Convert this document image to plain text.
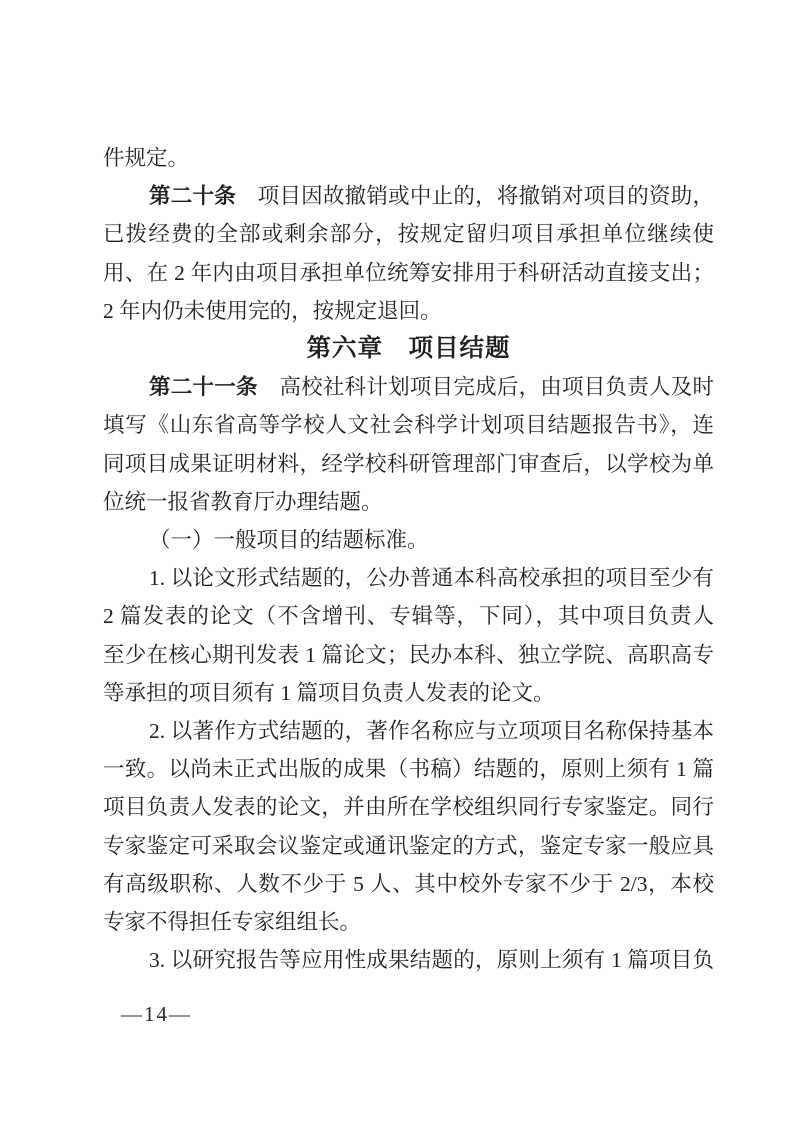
件规定。

第二十条　项目因故撤销或中止的，将撤销对项目的资助，

已拨经费的全部或剩余部分，按规定留归项目承担单位继续使

用、在 2 年内由项目承担单位统筹安排用于科研活动直接支出；

2 年内仍未使用完的，按规定退回。

第六章　项目结题

第二十一条　高校社科计划项目完成后，由项目负责人及时

填写《山东省高等学校人文社会科学计划项目结题报告书》，连

同项目成果证明材料，经学校科研管理部门审查后，以学校为单

位统一报省教育厅办理结题。

（一）一般项目的结题标准。

1. 以论文形式结题的，公办普通本科高校承担的项目至少有

2 篇发表的论文（不含增刊、专辑等，下同），其中项目负责人

至少在核心期刊发表 1 篇论文；民办本科、独立学院、高职高专

等承担的项目须有 1 篇项目负责人发表的论文。

2. 以著作方式结题的，著作名称应与立项项目名称保持基本

一致。以尚未正式出版的成果（书稿）结题的，原则上须有 1 篇

项目负责人发表的论文，并由所在学校组织同行专家鉴定。同行

专家鉴定可采取会议鉴定或通讯鉴定的方式，鉴定专家一般应具

有高级职称、人数不少于 5 人、其中校外专家不少于 2/3，本校

专家不得担任专家组组长。

3. 以研究报告等应用性成果结题的，原则上须有 1 篇项目负

—14—
